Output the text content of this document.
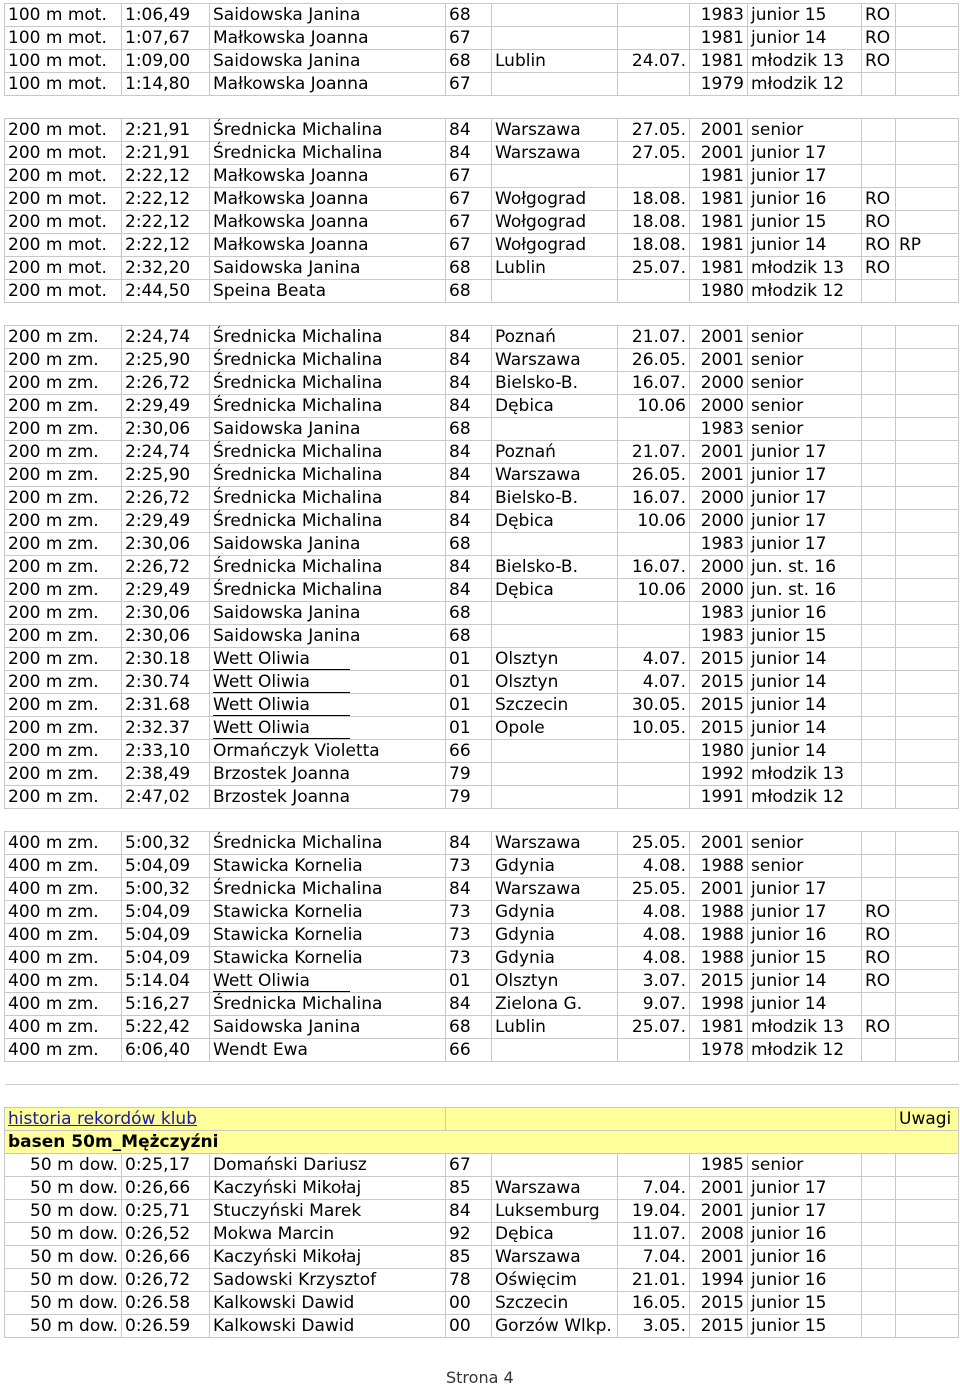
100 m mot.	1:06,49	Saidowska Janina	68			1983	junior 15	RO	
100 m mot.	1:07,67	Małkowska Joanna	67			1981	junior 14	RO	
100 m mot.	1:09,00	Saidowska Janina	68	Lublin	24.07.	1981	młodzik 13	RO	
100 m mot.	1:14,80	Małkowska Joanna	67			1979	młodzik 12		

200 m mot.	2:21,91	Średnicka Michalina	84	Warszawa	27.05.	2001	senior		
200 m mot.	2:21,91	Średnicka Michalina	84	Warszawa	27.05.	2001	junior 17		
200 m mot.	2:22,12	Małkowska Joanna	67			1981	junior 17		
200 m mot.	2:22,12	Małkowska Joanna	67	Wołgograd	18.08.	1981	junior 16	RO	
200 m mot.	2:22,12	Małkowska Joanna	67	Wołgograd	18.08.	1981	junior 15	RO	
200 m mot.	2:22,12	Małkowska Joanna	67	Wołgograd	18.08.	1981	junior 14	RO	RP
200 m mot.	2:32,20	Saidowska Janina	68	Lublin	25.07.	1981	młodzik 13	RO	
200 m mot.	2:44,50	Speina Beata	68			1980	młodzik 12		

200 m zm.	2:24,74	Średnicka Michalina	84	Poznań	21.07.	2001	senior		
200 m zm.	2:25,90	Średnicka Michalina	84	Warszawa	26.05.	2001	senior		
200 m zm.	2:26,72	Średnicka Michalina	84	Bielsko-B.	16.07.	2000	senior		
200 m zm.	2:29,49	Średnicka Michalina	84	Dębica	10.06	2000	senior		
200 m zm.	2:30,06	Saidowska Janina	68			1983	senior		
200 m zm.	2:24,74	Średnicka Michalina	84	Poznań	21.07.	2001	junior 17		
200 m zm.	2:25,90	Średnicka Michalina	84	Warszawa	26.05.	2001	junior 17		
200 m zm.	2:26,72	Średnicka Michalina	84	Bielsko-B.	16.07.	2000	junior 17		
200 m zm.	2:29,49	Średnicka Michalina	84	Dębica	10.06	2000	junior 17		
200 m zm.	2:30,06	Saidowska Janina	68			1983	junior 17		
200 m zm.	2:26,72	Średnicka Michalina	84	Bielsko-B.	16.07.	2000	jun. st. 16		
200 m zm.	2:29,49	Średnicka Michalina	84	Dębica	10.06	2000	jun. st. 16		
200 m zm.	2:30,06	Saidowska Janina	68			1983	junior 16		
200 m zm.	2:30,06	Saidowska Janina	68			1983	junior 15		
200 m zm.	2:30.18	Wett Oliwia	01	Olsztyn	4.07.	2015	junior 14		
200 m zm.	2:30.74	Wett Oliwia	01	Olsztyn	4.07.	2015	junior 14		
200 m zm.	2:31.68	Wett Oliwia	01	Szczecin	30.05.	2015	junior 14		
200 m zm.	2:32.37	Wett Oliwia	01	Opole	10.05.	2015	junior 14		
200 m zm.	2:33,10	Ormańczyk Violetta	66			1980	junior 14		
200 m zm.	2:38,49	Brzostek Joanna	79			1992	młodzik 13		
200 m zm.	2:47,02	Brzostek Joanna	79			1991	młodzik 12		

400 m zm.	5:00,32	Średnicka Michalina	84	Warszawa	25.05.	2001	senior		
400 m zm.	5:04,09	Stawicka Kornelia	73	Gdynia	4.08.	1988	senior		
400 m zm.	5:00,32	Średnicka Michalina	84	Warszawa	25.05.	2001	junior 17		
400 m zm.	5:04,09	Stawicka Kornelia	73	Gdynia	4.08.	1988	junior 17	RO	
400 m zm.	5:04,09	Stawicka Kornelia	73	Gdynia	4.08.	1988	junior 16	RO	
400 m zm.	5:04,09	Stawicka Kornelia	73	Gdynia	4.08.	1988	junior 15	RO	
400 m zm.	5:14.04	Wett Oliwia	01	Olsztyn	3.07.	2015	junior 14	RO	
400 m zm.	5:16,27	Średnicka Michalina	84	Zielona G.	9.07.	1998	junior 14		
400 m zm.	5:22,42	Saidowska Janina	68	Lublin	25.07.	1981	młodzik 13	RO	
400 m zm.	6:06,40	Wendt Ewa	66			1978	młodzik 12		

historia rekordów klub									Uwagi
basen 50m_Mężczyźni									
50 m dow.	0:25,17	Domański Dariusz	67			1985	senior		
50 m dow.	0:26,66	Kaczyński Mikołaj	85	Warszawa	7.04.	2001	junior 17		
50 m dow.	0:25,71	Stuczyński Marek	84	Luksemburg	19.04.	2001	junior 17		
50 m dow.	0:26,52	Mokwa Marcin	92	Dębica	11.07.	2008	junior 16		
50 m dow.	0:26,66	Kaczyński Mikołaj	85	Warszawa	7.04.	2001	junior 16		
50 m dow.	0:26,72	Sadowski Krzysztof	78	Oświęcim	21.01.	1994	junior 16		
50 m dow.	0:26.58	Kalkowski Dawid	00	Szczecin	16.05.	2015	junior 15		
50 m dow.	0:26.59	Kalkowski Dawid	00	Gorzów Wlkp.	3.05.	2015	junior 15		
Strona 4
